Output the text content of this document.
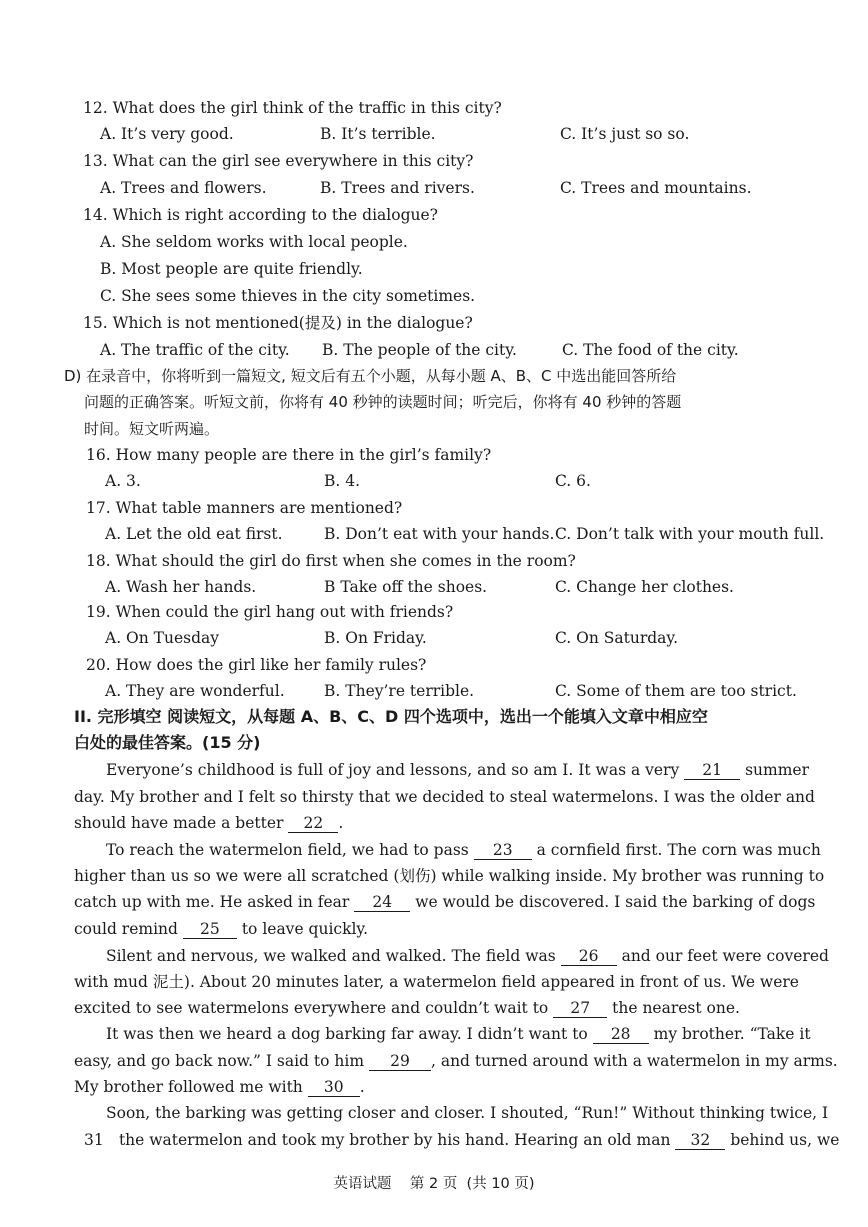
12. What does the girl think of the traffic in this city?
A. It’s very good.	B. It’s terrible.	C. It’s just so so.
13. What can the girl see everywhere in this city?
A. Trees and flowers.	B. Trees and rivers.	C. Trees and mountains.
14. Which is right according to the dialogue?
A. She seldom works with local people.
B. Most people are quite friendly.
C. She sees some thieves in the city sometimes.
15. Which is not mentioned(提及) in the dialogue?
A. The traffic of the city. B. The people of the city.	C. The food of the city.
D) 在录音中，你将听到一篇短文, 短文后有五个小题，从每小题 A、B、C 中选出能回答所给
问题的正确答案。听短文前，你将有 40 秒钟的读题时间；听完后，你将有 40 秒钟的答题
时间。短文听两遍。
16. How many people are there in the girl’s family?
A. 3.	B. 4.	C. 6.
17. What table manners are mentioned?
A. Let the old eat first.	B. Don’t eat with your hands. C. Don’t talk with your mouth full.
18. What should the girl do first when she comes in the room?
A. Wash her hands.	B Take off the shoes.	C. Change her clothes.
19. When could the girl hang out with friends?
A. On Tuesday	B. On Friday.	C. On Saturday.
20. How does the girl like her family rules?
A. They are wonderful.	B. They’re terrible.	C. Some of them are too strict.
II. 完形填空 阅读短文，从每题 A、B、C、D 四个选项中，选出一个能填入文章中相应空
白处的最佳答案。(15 分)
Everyone’s childhood is full of joy and lessons, and so am I. It was a very 21 summer
day. My brother and I felt so thirsty that we decided to steal watermelons. I was the older and
should have made a better 22 .
To reach the watermelon field, we had to pass 23 a cornfield first. The corn was much
higher than us so we were all scratched (划伤) while walking inside. My brother was running to
catch up with me. He asked in fear 24 we would be discovered. I said the barking of dogs
could remind 25 to leave quickly.
Silent and nervous, we walked and walked. The field was 26 and our feet were covered
with mud 泥土). About 20 minutes later, a watermelon field appeared in front of us. We were
excited to see watermelons everywhere and couldn’t wait to 27 the nearest one.
It was then we heard a dog barking far away. I didn’t want to 28 my brother. “Take it
easy, and go back now.” I said to him 29 , and turned around with a watermelon in my arms.
My brother followed me with 30 .
Soon, the barking was getting closer and closer. I shouted, “Run!” Without thinking twice, I
31 the watermelon and took my brother by his hand. Hearing an old man 32 behind us, we
英语试题    第 2 页  (共 10 页)
